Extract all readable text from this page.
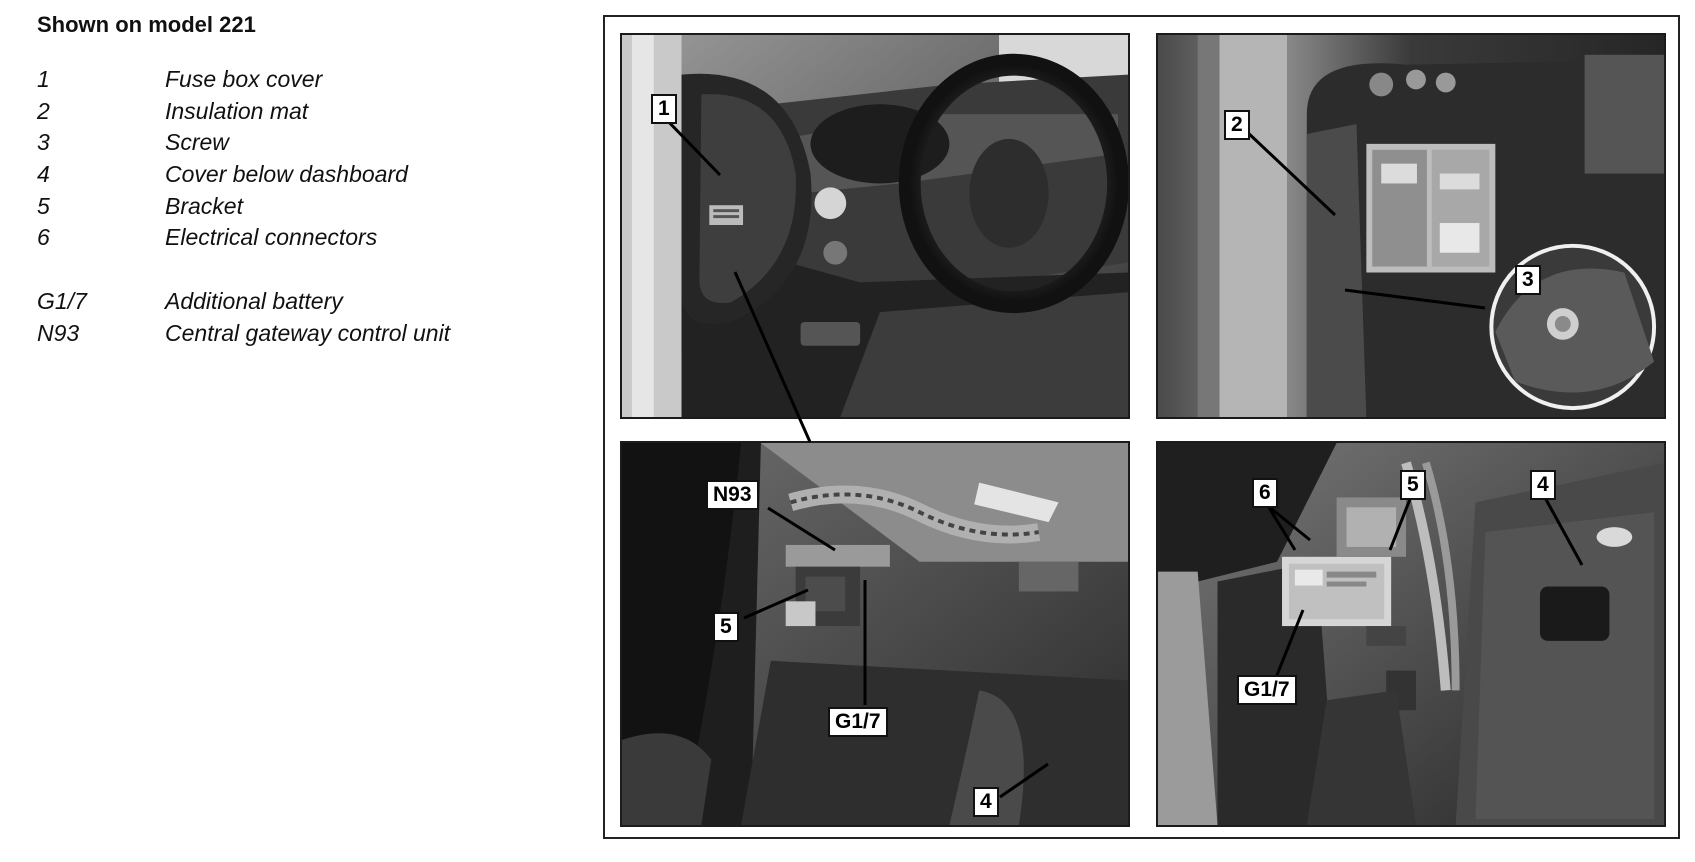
Shown on model 221
1	Fuse box cover
2	Insulation mat
3	Screw
4	Cover below dashboard
5	Bracket
6	Electrical connectors
G1/7	Additional battery
N93	Central gateway control unit
1
2
3
N93
5
G1/7
4
6	5	4
G1/7
